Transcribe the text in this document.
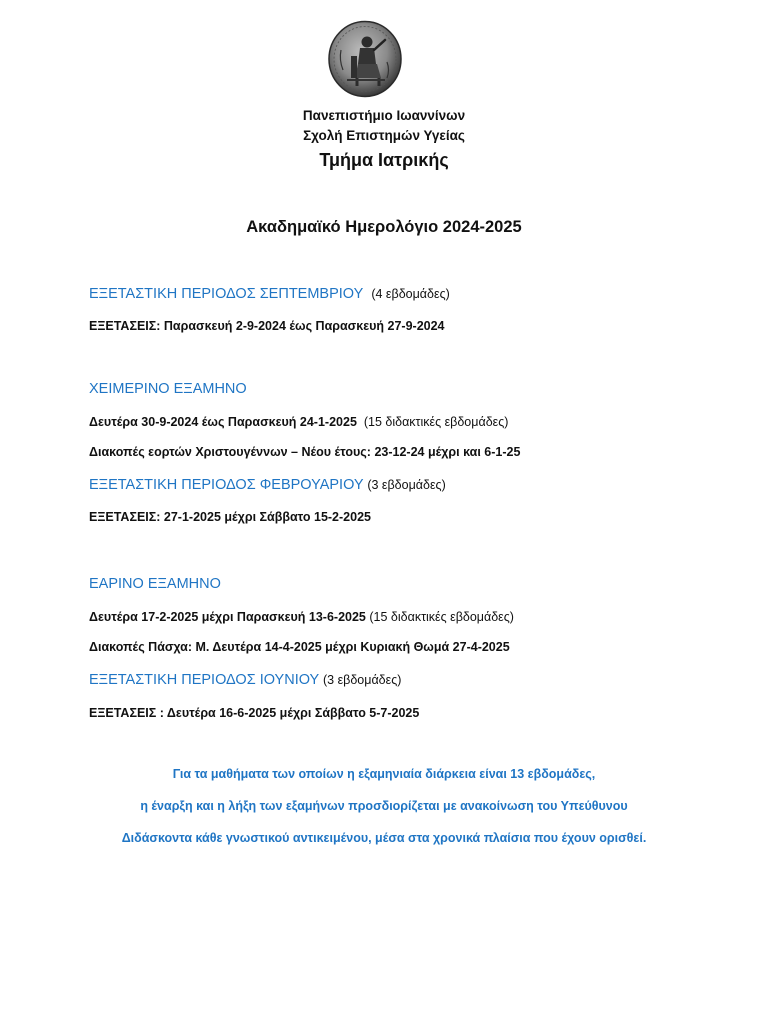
Πανεπιστήμιο Ιωαννίνων
Σχολή Επιστημών Υγείας
Τμήμα Ιατρικής
Ακαδημαϊκό Ημερολόγιο 2024-2025
ΕΞΕΤΑΣΤΙΚΗ ΠΕΡΙΟΔΟΣ ΣΕΠΤΕΜΒΡΙΟΥ (4 εβδομάδες)
ΕΞΕΤΑΣΕΙΣ: Παρασκευή 2-9-2024 έως Παρασκευή 27-9-2024
ΧΕΙΜΕΡΙΝΟ ΕΞΑΜΗΝΟ
Δευτέρα 30-9-2024 έως Παρασκευή 24-1-2025 (15 διδακτικές εβδομάδες)
Διακοπές εορτών Χριστουγέννων – Νέου έτους: 23-12-24 μέχρι και 6-1-25
ΕΞΕΤΑΣΤΙΚΗ ΠΕΡΙΟΔΟΣ ΦΕΒΡΟΥΑΡΙΟΥ (3 εβδομάδες)
ΕΞΕΤΑΣΕΙΣ: 27-1-2025 μέχρι Σάββατο 15-2-2025
ΕΑΡΙΝΟ ΕΞΑΜΗΝΟ
Δευτέρα 17-2-2025 μέχρι Παρασκευή 13-6-2025 (15 διδακτικές εβδομάδες)
Διακοπές Πάσχα: Μ. Δευτέρα 14-4-2025 μέχρι Κυριακή Θωμά 27-4-2025
ΕΞΕΤΑΣΤΙΚΗ ΠΕΡΙΟΔΟΣ ΙΟΥΝΙΟΥ (3 εβδομάδες)
ΕΞΕΤΑΣΕΙΣ : Δευτέρα 16-6-2025 μέχρι Σάββατο 5-7-2025
Για τα μαθήματα των οποίων η εξαμηνιαία διάρκεια είναι 13 εβδομάδες,
η έναρξη και η λήξη των εξαμήνων προσδιορίζεται με ανακοίνωση του Υπεύθυνου
Διδάσκοντα κάθε γνωστικού αντικειμένου, μέσα στα χρονικά πλαίσια που έχουν ορισθεί.
